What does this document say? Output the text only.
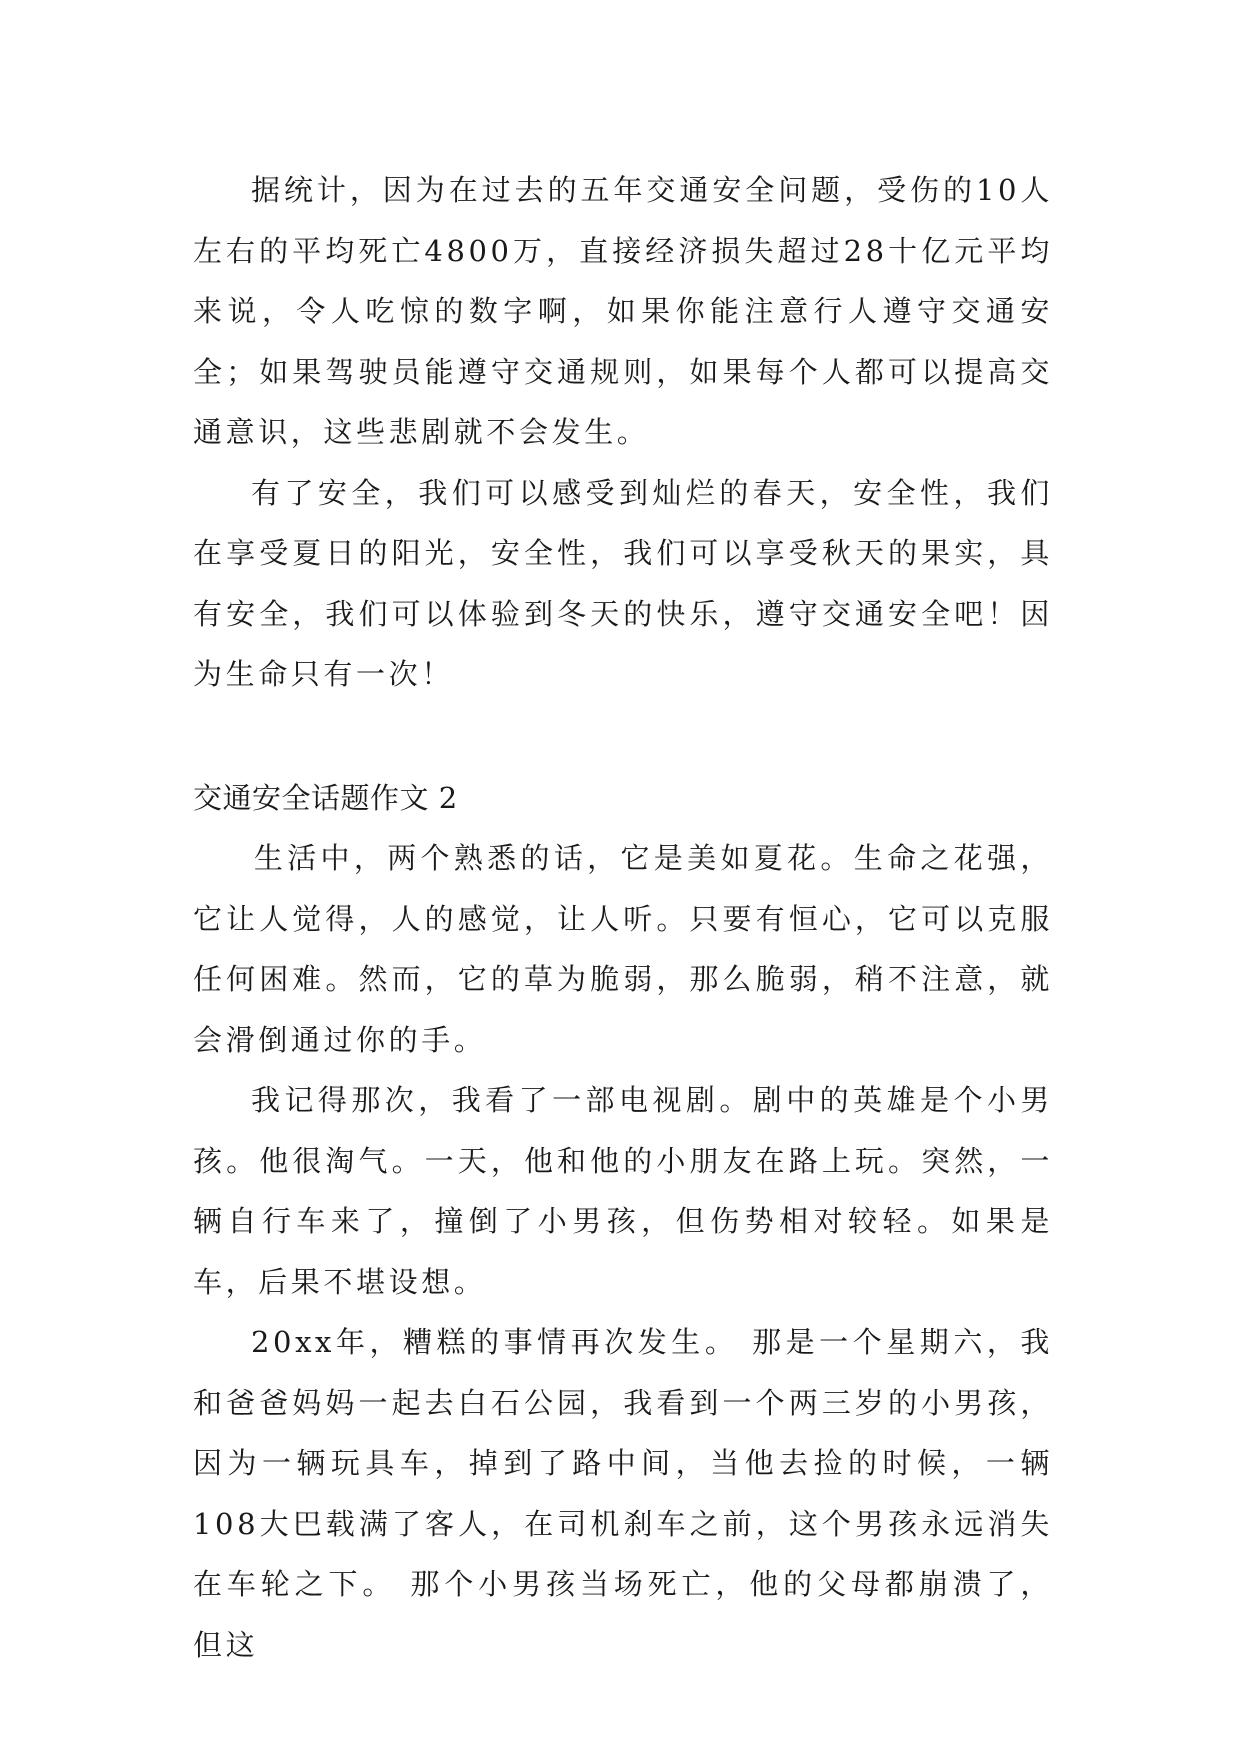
据统计，因为在过去的五年交通安全问题，受伤的10人左右的平均死亡4800万，直接经济损失超过28十亿元平均来说，令人吃惊的数字啊，如果你能注意行人遵守交通安全；如果驾驶员能遵守交通规则，如果每个人都可以提高交通意识，这些悲剧就不会发生。

有了安全，我们可以感受到灿烂的春天，安全性，我们在享受夏日的阳光，安全性，我们可以享受秋天的果实，具有安全，我们可以体验到冬天的快乐，遵守交通安全吧！因为生命只有一次！

交通安全话题作文 2

生活中，两个熟悉的话，它是美如夏花。生命之花强，它让人觉得，人的感觉，让人听。只要有恒心，它可以克服任何困难。然而，它的草为脆弱，那么脆弱，稍不注意，就会滑倒通过你的手。

我记得那次，我看了一部电视剧。剧中的英雄是个小男孩。他很淘气。一天，他和他的小朋友在路上玩。突然，一辆自行车来了，撞倒了小男孩，但伤势相对较轻。如果是车，后果不堪设想。

20xx年，糟糕的事情再次发生。 那是一个星期六，我和爸爸妈妈一起去白石公园，我看到一个两三岁的小男孩，因为一辆玩具车，掉到了路中间，当他去捡的时候，一辆108大巴载满了客人，在司机刹车之前，这个男孩永远消失在车轮之下。 那个小男孩当场死亡，他的父母都崩溃了，但这
